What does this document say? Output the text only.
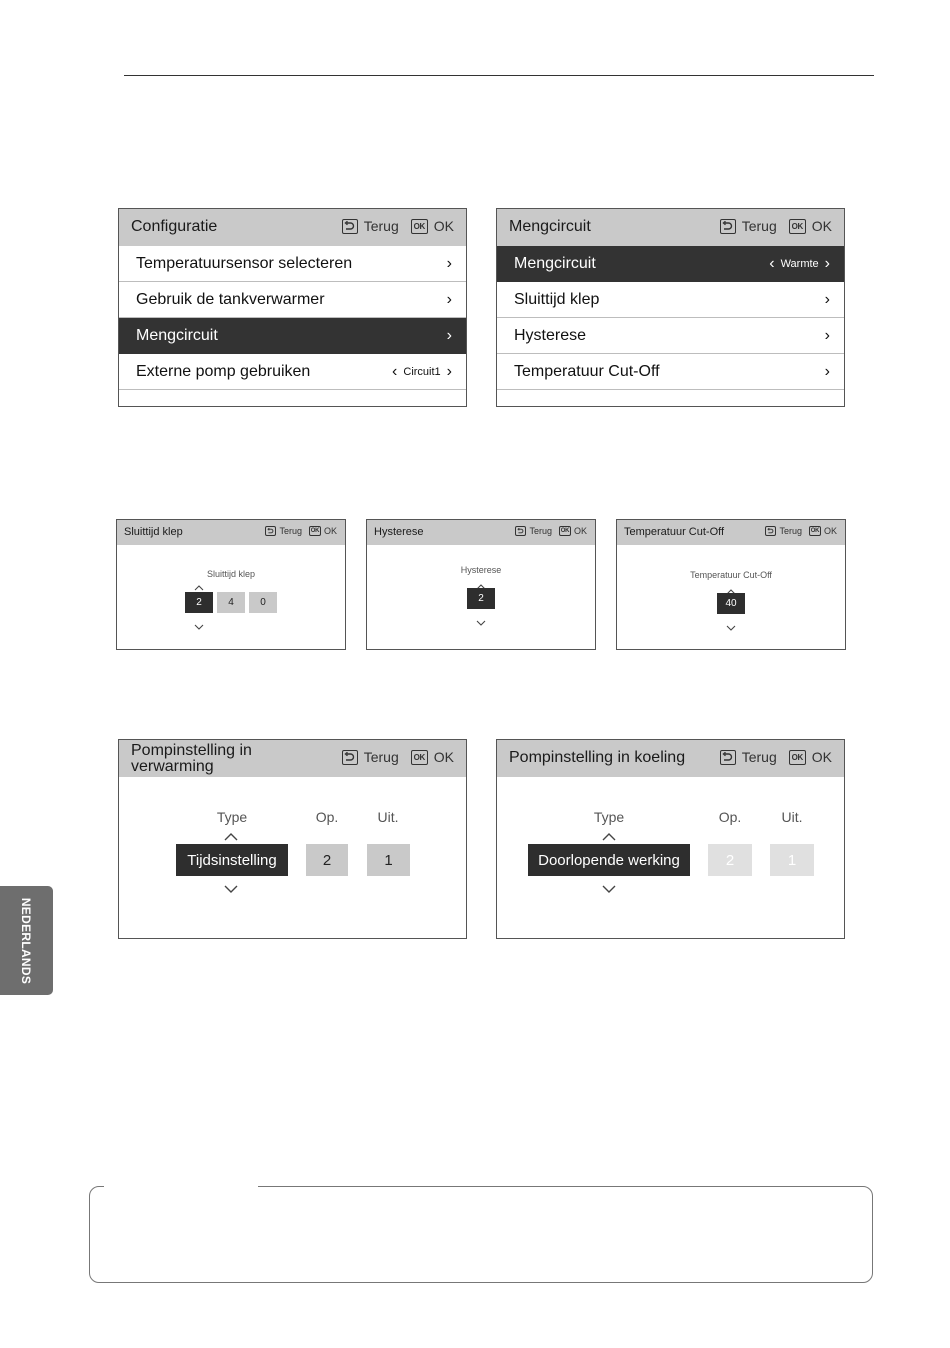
Configuratie	Terug	OK OK
Temperatuursensor selecteren	›
Gebruik de tankverwarmer	›
Mengcircuit	›
Externe pomp gebruiken	‹ Circuit1 ›
Mengcircuit	Terug	OK OK
Mengcircuit	‹ Warmte ›
Sluittijd klep	›
Hysterese	›
Temperatuur Cut-Off	›
Sluittijd klep	Terug OK OK
Sluittijd klep
2	4	0
Hysterese	Terug OK OK
Hysterese
2
Temperatuur Cut-Off	Terug OK OK
Temperatuur Cut-Off
40
Pompinstelling in
verwarming
Terug	OK OK
Type	Op.	Uit.
Tijdsinstelling	2	1
Pompinstelling in koeling	Terug	OK OK
Type	Op.	Uit.
Doorlopende werking	2	1
NEDERLANDS
